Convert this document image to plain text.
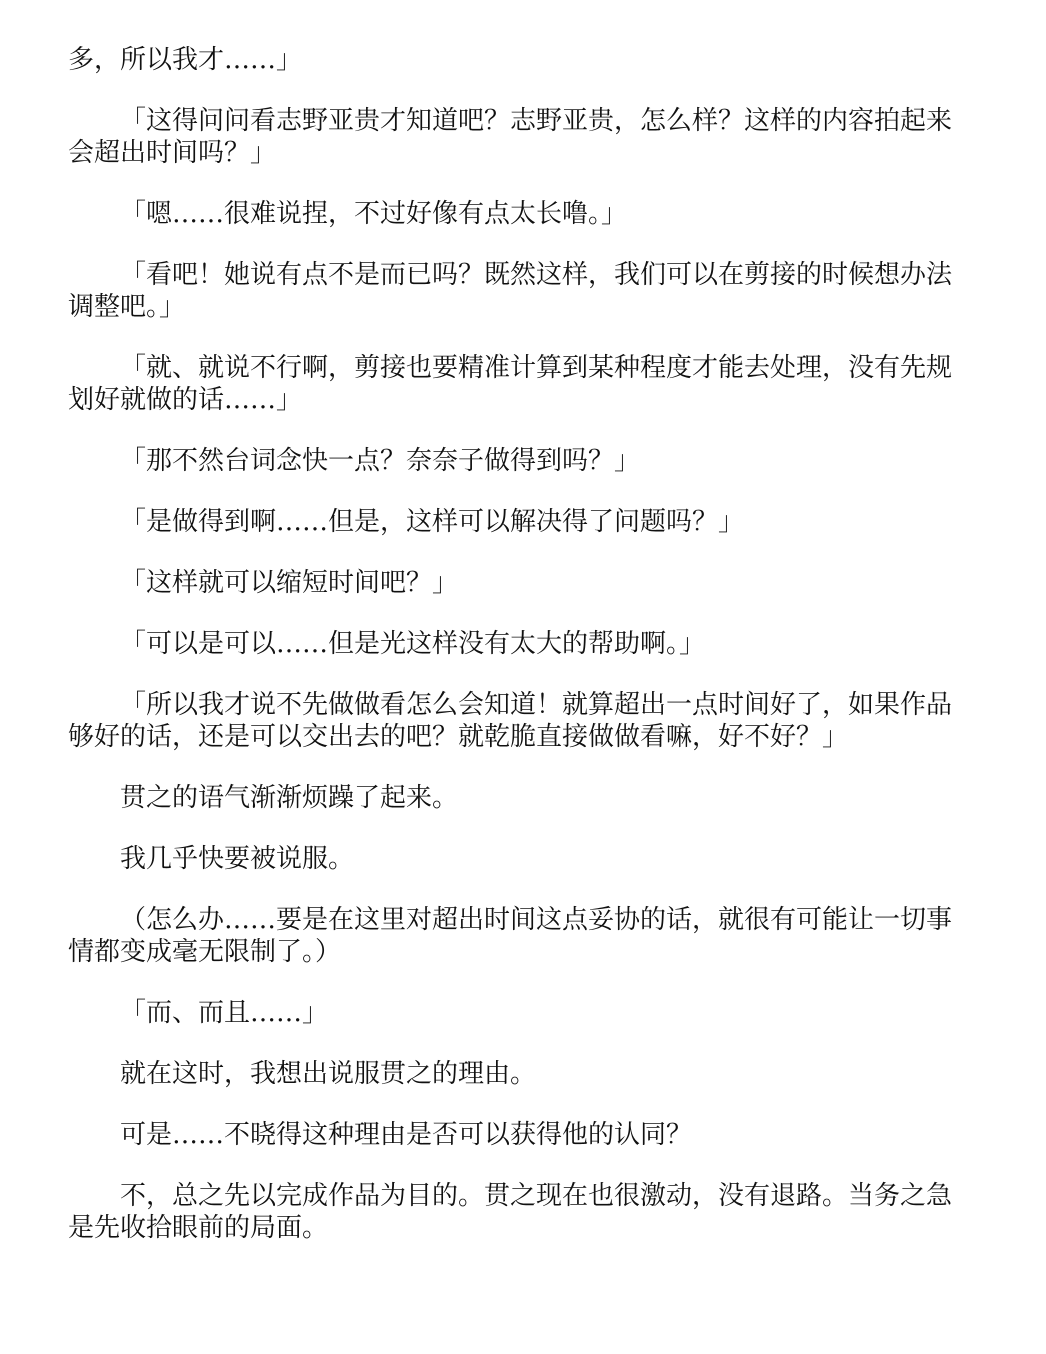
多，所以我才……」

「这得问问看志野亚贵才知道吧？志野亚贵，怎么样？这样的内容拍起来会超出时间吗？」

「嗯……很难说捏，不过好像有点太长噜。」

「看吧！她说有点不是而已吗？既然这样，我们可以在剪接的时候想办法调整吧。」

「就、就说不行啊，剪接也要精准计算到某种程度才能去处理，没有先规划好就做的话……」

「那不然台词念快一点？奈奈子做得到吗？」

「是做得到啊……但是，这样可以解决得了问题吗？」

「这样就可以缩短时间吧？」

「可以是可以……但是光这样没有太大的帮助啊。」

「所以我才说不先做做看怎么会知道！就算超出一点时间好了，如果作品够好的话，还是可以交出去的吧？就乾脆直接做做看嘛，好不好？」

贯之的语气渐渐烦躁了起来。

我几乎快要被说服。

（怎么办……要是在这里对超出时间这点妥协的话，就很有可能让一切事情都变成毫无限制了。）

「而、而且……」

就在这时，我想出说服贯之的理由。

可是……不晓得这种理由是否可以获得他的认同？

不，总之先以完成作品为目的。贯之现在也很激动，没有退路。当务之急是先收拾眼前的局面。
